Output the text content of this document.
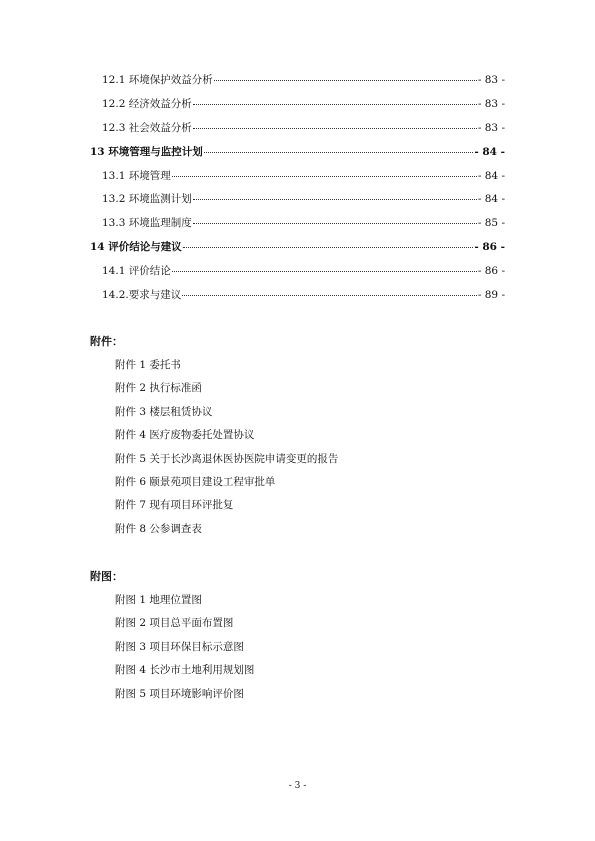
12.1 环境保护效益分析	- 83 -
12.2 经济效益分析	- 83 -
12.3 社会效益分析	- 83 -
13 环境管理与监控计划	- 84 -
13.1 环境管理	- 84 -
13.2 环境监测计划	- 84 -
13.3 环境监理制度	- 85 -
14 评价结论与建议	- 86 -
14.1 评价结论	- 86 -
14.2.要求与建议	- 89 -
附件：
附件 1 委托书
附件 2 执行标准函
附件 3 楼层租赁协议
附件 4 医疗废物委托处置协议
附件 5 关于长沙离退休医协医院申请变更的报告
附件 6 颐景苑项目建设工程审批单
附件 7 现有项目环评批复
附件 8 公参调查表
附图：
附图 1 地理位置图
附图 2 项目总平面布置图
附图 3 项目环保目标示意图
附图 4 长沙市土地利用规划图
附图 5 项目环境影响评价图
- 3 -
